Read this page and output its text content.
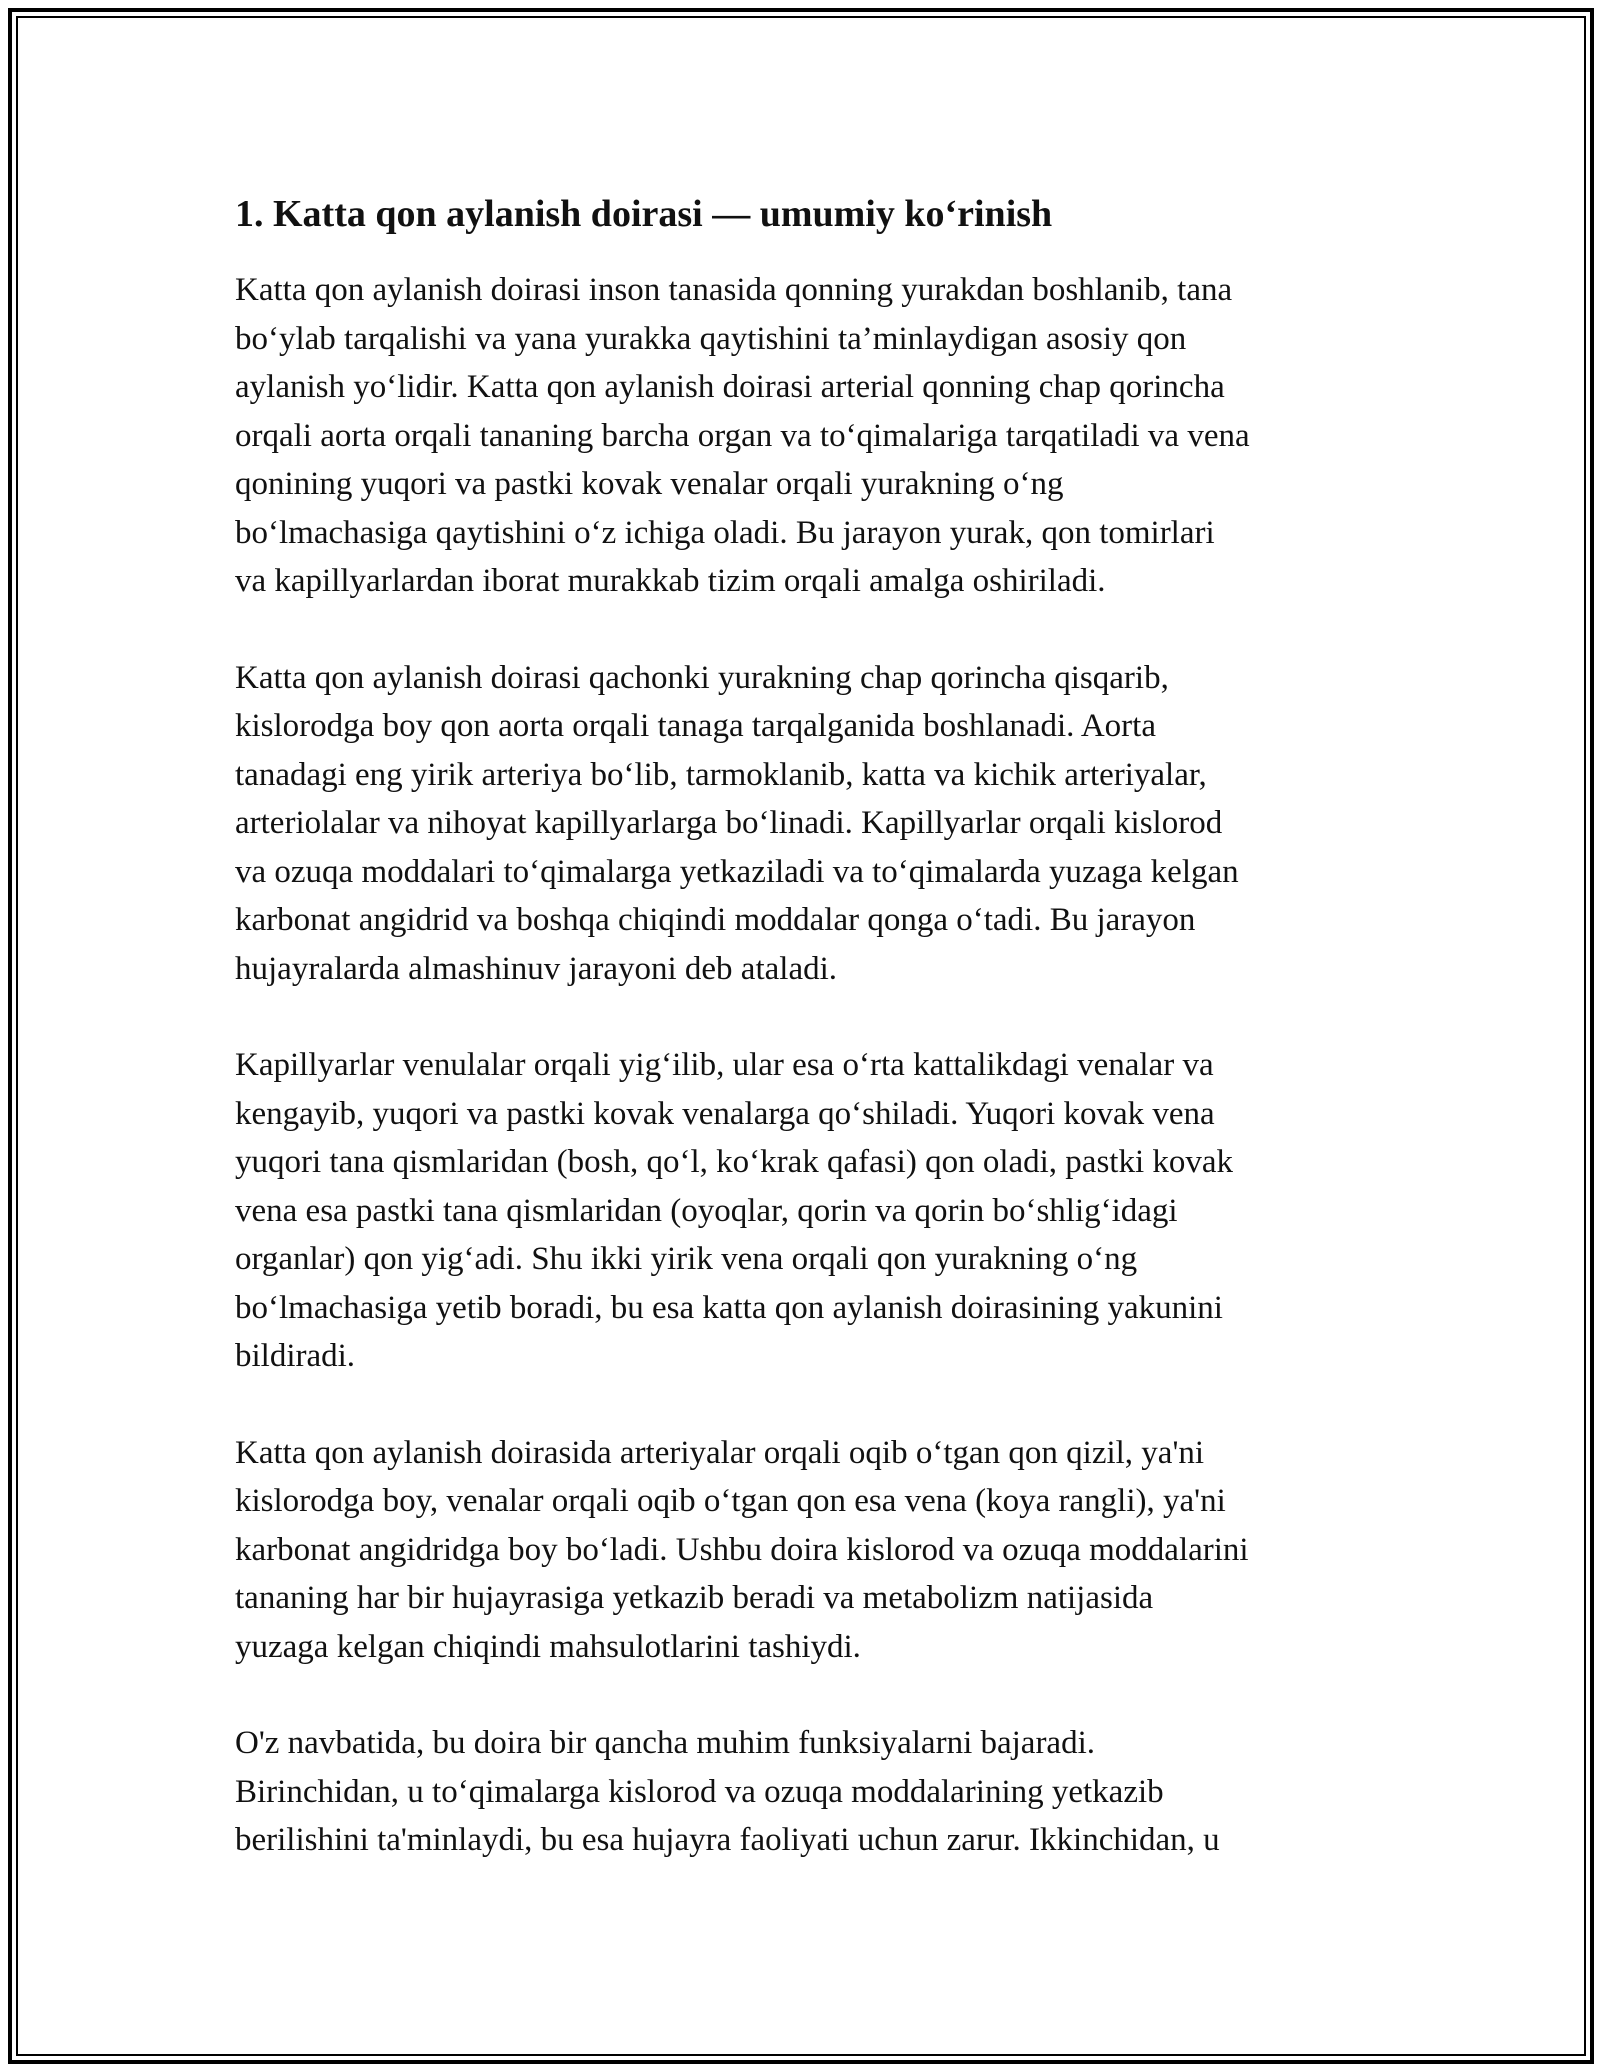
1. Katta qon aylanish doirasi — umumiy ko‘rinish

Katta qon aylanish doirasi inson tanasida qonning yurakdan boshlanib, tana
bo‘ylab tarqalishi va yana yurakka qaytishini ta’minlaydigan asosiy qon
aylanish yo‘lidir. Katta qon aylanish doirasi arterial qonning chap qorincha
orqali aorta orqali tananing barcha organ va to‘qimalariga tarqatiladi va vena
qonining yuqori va pastki kovak venalar orqali yurakning o‘ng
bo‘lmachasiga qaytishini o‘z ichiga oladi. Bu jarayon yurak, qon tomirlari
va kapillyarlardan iborat murakkab tizim orqali amalga oshiriladi.

Katta qon aylanish doirasi qachonki yurakning chap qorincha qisqarib,
kislorodga boy qon aorta orqali tanaga tarqalganida boshlanadi. Aorta
tanadagi eng yirik arteriya bo‘lib, tarmoklanib, katta va kichik arteriyalar,
arteriolalar va nihoyat kapillyarlarga bo‘linadi. Kapillyarlar orqali kislorod
va ozuqa moddalari to‘qimalarga yetkaziladi va to‘qimalarda yuzaga kelgan
karbonat angidrid va boshqa chiqindi moddalar qonga o‘tadi. Bu jarayon
hujayralarda almashinuv jarayoni deb ataladi.

Kapillyarlar venulalar orqali yig‘ilib, ular esa o‘rta kattalikdagi venalar va
kengayib, yuqori va pastki kovak venalarga qo‘shiladi. Yuqori kovak vena
yuqori tana qismlaridan (bosh, qo‘l, ko‘krak qafasi) qon oladi, pastki kovak
vena esa pastki tana qismlaridan (oyoqlar, qorin va qorin bo‘shlig‘idagi
organlar) qon yig‘adi. Shu ikki yirik vena orqali qon yurakning o‘ng
bo‘lmachasiga yetib boradi, bu esa katta qon aylanish doirasining yakunini
bildiradi.

Katta qon aylanish doirasida arteriyalar orqali oqib o‘tgan qon qizil, ya'ni
kislorodga boy, venalar orqali oqib o‘tgan qon esa vena (koya rangli), ya'ni
karbonat angidridga boy bo‘ladi. Ushbu doira kislorod va ozuqa moddalarini
tananing har bir hujayrasiga yetkazib beradi va metabolizm natijasida
yuzaga kelgan chiqindi mahsulotlarini tashiydi.

O'z navbatida, bu doira bir qancha muhim funksiyalarni bajaradi.
Birinchidan, u to‘qimalarga kislorod va ozuqa moddalarining yetkazib
berilishini ta'minlaydi, bu esa hujayra faoliyati uchun zarur. Ikkinchidan, u
